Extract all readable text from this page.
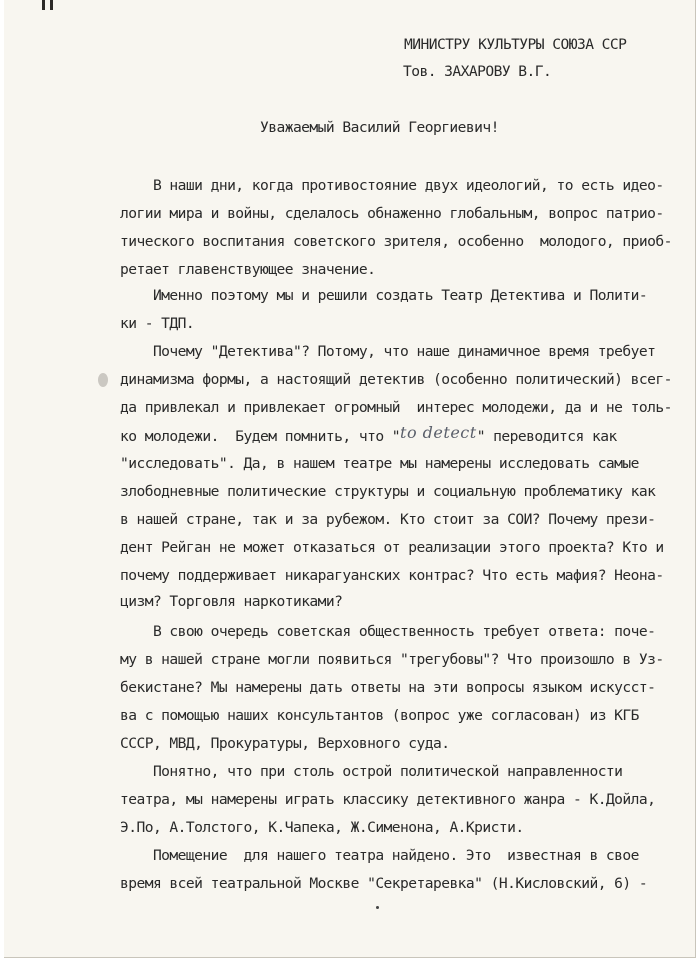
МИНИСТРУ КУЛЬТУРЫ СОЮЗА ССР
Тов. ЗАХАРОВУ В.Г.
Уважаемый Василий Георгиевич!
В наши дни, когда противостояние двух идеологий, то есть идео-
логии мира и войны, сделалось обнаженно глобальным, вопрос патрио-
тического воспитания советского зрителя, особенно  молодого, приоб-
ретает главенствующее значение.
Именно поэтому мы и решили создать Театр Детектива и Полити-
ки - ТДП.
Почему "Детектива"? Потому, что наше динамичное время требует
динамизма формы, а настоящий детектив (особенно политический) всег-
да привлекал и привлекает огромный  интерес молодежи, да и не толь-
ко молодежи.  Будем помнить, что "to detect" переводится как
"исследовать". Да, в нашем театре мы намерены исследовать самые
злободневные политические структуры и социальную проблематику как
в нашей стране, так и за рубежом. Кто стоит за СОИ? Почему прези-
дент Рейган не может отказаться от реализации этого проекта? Кто и
почему поддерживает никарагуанских контрас? Что есть мафия? Неона-
цизм? Торговля наркотиками?
В свою очередь советская общественность требует ответа: поче-
му в нашей стране могли появиться "трегубовы"? Что произошло в Уз-
бекистане? Мы намерены дать ответы на эти вопросы языком искусст-
ва с помощью наших консультантов (вопрос уже согласован) из КГБ
СССР, МВД, Прокуратуры, Верховного суда.
Понятно, что при столь острой политической направленности
театра, мы намерены играть классику детективного жанра - К.Дойла,
Э.По, А.Толстого, К.Чапека, Ж.Сименона, А.Кристи.
Помещение  для нашего театра найдено. Это  известная в свое
время всей театральной Москве "Секретаревка" (Н.Кисловский, 6) -
